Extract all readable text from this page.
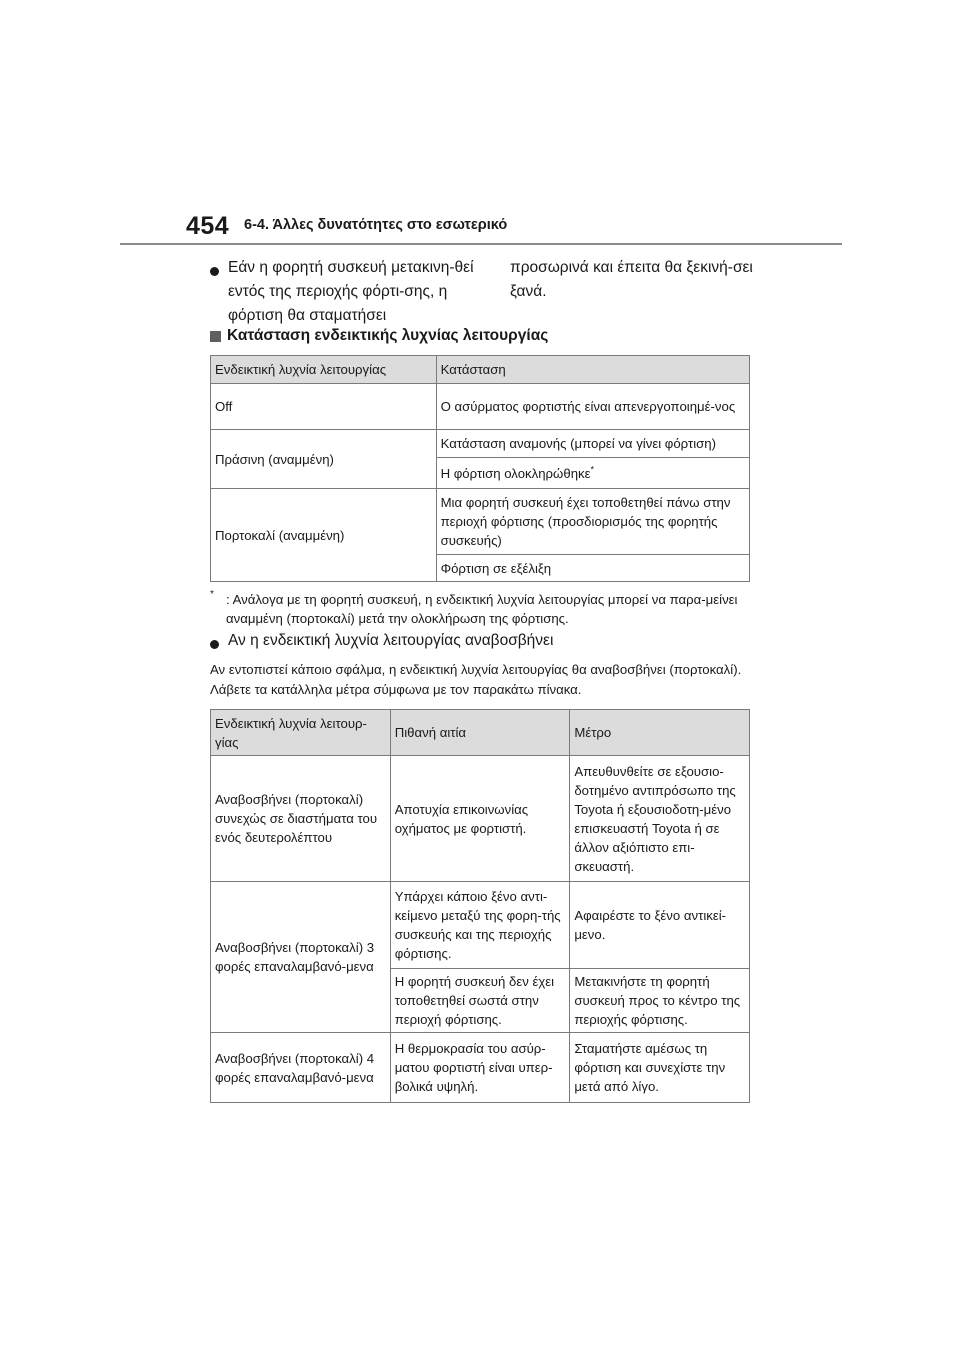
454 6-4. Άλλες δυνατότητες στο εσωτερικό
Εάν η φορητή συσκευή μετακινη-θεί εντός της περιοχής φόρτι-σης, η φόρτιση θα σταματήσει
προσωρινά και έπειτα θα ξεκινή-σει ξανά.
Κατάσταση ενδεικτικής λυχνίας λειτουργίας
Ενδεικτική λυχνία λειτουργίας	Κατάσταση
Off	Ο ασύρματος φορτιστής είναι απενεργοποιημέ-νος
Πράσινη (αναμμένη)	Κατάσταση αναμονής (μπορεί να γίνει φόρτιση)
	Η φόρτιση ολοκληρώθηκε*
Πορτοκαλί (αναμμένη)	Μια φορητή συσκευή έχει τοποθετηθεί πάνω στην περιοχή φόρτισης (προσδιορισμός της φορητής συσκευής)
	Φόρτιση σε εξέλιξη
* : Ανάλογα με τη φορητή συσκευή, η ενδεικτική λυχνία λειτουργίας μπορεί να παρα-μείνει αναμμένη (πορτοκαλί) μετά την ολοκλήρωση της φόρτισης.
Αν η ενδεικτική λυχνία λειτουργίας αναβοσβήνει
Αν εντοπιστεί κάποιο σφάλμα, η ενδεικτική λυχνία λειτουργίας θα αναβοσβήνει (πορτοκαλί). Λάβετε τα κατάλληλα μέτρα σύμφωνα με τον παρακάτω πίνακα.
Ενδεικτική λυχνία λειτουρ-γίας	Πιθανή αιτία	Μέτρο
Αναβοσβήνει (πορτοκαλί) συνεχώς σε διαστήματα του ενός δευτερολέπτου	Αποτυχία επικοινωνίας οχήματος με φορτιστή.	Απευθυνθείτε σε εξουσιο-δοτημένο αντιπρόσωπο της Toyota ή εξουσιοδοτη-μένο επισκευαστή Toyota ή σε άλλον αξιόπιστο επι-σκευαστή.
Αναβοσβήνει (πορτοκαλί) 3 φορές επαναλαμβανό-μενα	Υπάρχει κάποιο ξένο αντι-κείμενο μεταξύ της φορη-τής συσκευής και της περιοχής φόρτισης.	Αφαιρέστε το ξένο αντικεί-μενο.
	Η φορητή συσκευή δεν έχει τοποθετηθεί σωστά στην περιοχή φόρτισης.	Μετακινήστε τη φορητή συσκευή προς το κέντρο της περιοχής φόρτισης.
Αναβοσβήνει (πορτοκαλί) 4 φορές επαναλαμβανό-μενα	Η θερμοκρασία του ασύρ-ματου φορτιστή είναι υπερ-βολικά υψηλή.	Σταματήστε αμέσως τη φόρτιση και συνεχίστε την μετά από λίγο.
